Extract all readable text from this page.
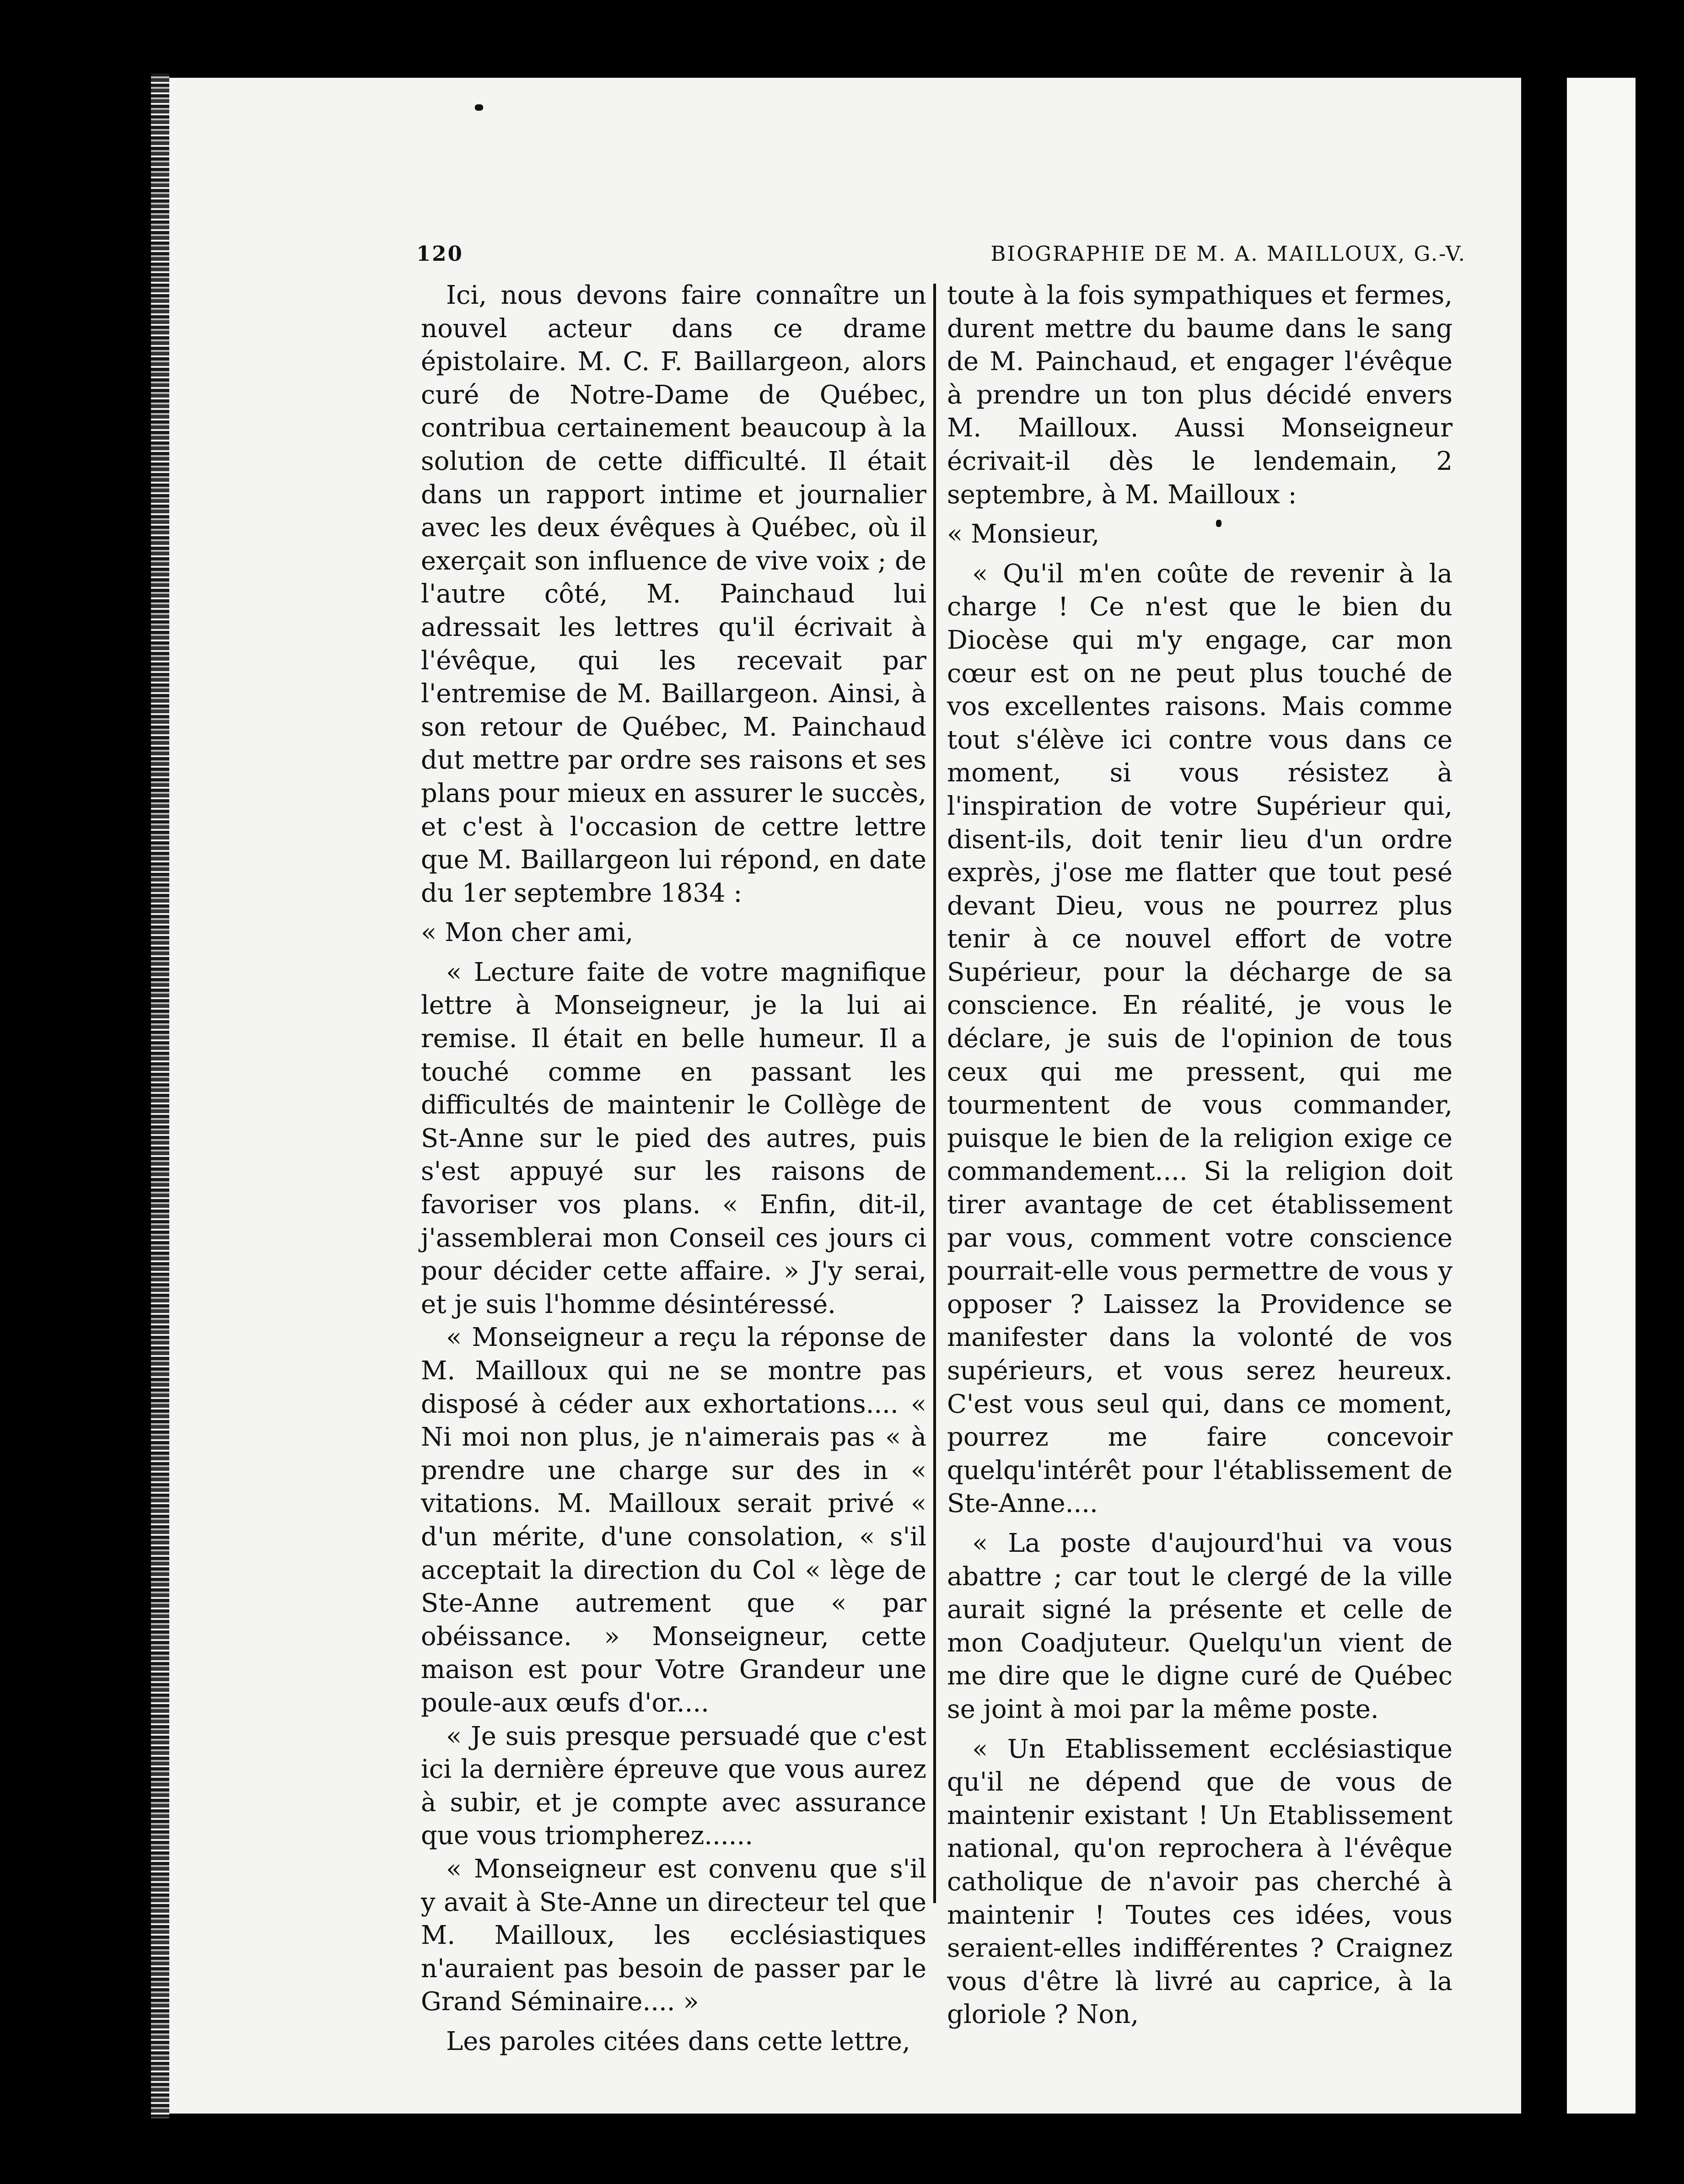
120	BIOGRAPHIE DE M. A. MAILLOUX, G.-V.

Ici, nous devons faire connaître un nouvel acteur dans ce drame épistolaire. M. C. F. Baillargeon, alors curé de Notre-Dame de Québec, contribua certainement beaucoup à la solution de cette difficulté. Il était dans un rapport intime et journalier avec les deux évêques à Québec, où il exerçait son influence de vive voix ; de l'autre côté, M. Painchaud lui adressait les lettres qu'il écrivait à l'évêque, qui les recevait par l'entremise de M. Baillargeon. Ainsi, à son retour de Québec, M. Painchaud dut mettre par ordre ses raisons et ses plans pour mieux en assurer le succès, et c'est à l'occasion de cettre lettre que M. Baillargeon lui répond, en date du 1er septembre 1834 :

« Mon cher ami,

« Lecture faite de votre magnifique lettre à Monseigneur, je la lui ai remise. Il était en belle humeur. Il a touché comme en passant les difficultés de maintenir le Collège de St-Anne sur le pied des autres, puis s'est appuyé sur les raisons de favoriser vos plans. « Enfin, dit-il, j'assemblerai mon Conseil ces jours ci pour décider cette affaire. » J'y serai, et je suis l'homme désintéressé.

« Monseigneur a reçu la réponse de M. Mailloux qui ne se montre pas disposé à céder aux exhortations.... « Ni moi non plus, je n'aimerais pas « à prendre une charge sur des in « vitations. M. Mailloux serait privé « d'un mérite, d'une consolation, « s'il acceptait la direction du Col « lège de Ste-Anne autrement que « par obéissance. » Monseigneur, cette maison est pour Votre Grandeur une poule-aux œufs d'or....

« Je suis presque persuadé que c'est ici la dernière épreuve que vous aurez à subir, et je compte avec assurance que vous triompherez......

« Monseigneur est convenu que s'il y avait à Ste-Anne un directeur tel que M. Mailloux, les ecclésiastiques n'auraient pas besoin de passer par le Grand Séminaire.... »

Les paroles citées dans cette lettre,

toute à la fois sympathiques et fermes, durent mettre du baume dans le sang de M. Painchaud, et engager l'évêque à prendre un ton plus décidé envers M. Mailloux. Aussi Monseigneur écrivait-il dès le lendemain, 2 septembre, à M. Mailloux :

« Monsieur,

« Qu'il m'en coûte de revenir à la charge ! Ce n'est que le bien du Diocèse qui m'y engage, car mon cœur est on ne peut plus touché de vos excellentes raisons. Mais comme tout s'élève ici contre vous dans ce moment, si vous résistez à l'inspiration de votre Supérieur qui, disent-ils, doit tenir lieu d'un ordre exprès, j'ose me flatter que tout pesé devant Dieu, vous ne pourrez plus tenir à ce nouvel effort de votre Supérieur, pour la décharge de sa conscience. En réalité, je vous le déclare, je suis de l'opinion de tous ceux qui me pressent, qui me tourmentent de vous commander, puisque le bien de la religion exige ce commandement.... Si la religion doit tirer avantage de cet établissement par vous, comment votre conscience pourrait-elle vous permettre de vous y opposer ? Laissez la Providence se manifester dans la volonté de vos supérieurs, et vous serez heureux. C'est vous seul qui, dans ce moment, pourrez me faire concevoir quelqu'intérêt pour l'établissement de Ste-Anne....

« La poste d'aujourd'hui va vous abattre ; car tout le clergé de la ville aurait signé la présente et celle de mon Coadjuteur. Quelqu'un vient de me dire que le digne curé de Québec se joint à moi par la même poste.

« Un Etablissement ecclésiastique qu'il ne dépend que de vous de maintenir existant ! Un Etablissement national, qu'on reprochera à l'évêque catholique de n'avoir pas cherché à maintenir ! Toutes ces idées, vous seraient-elles indifférentes ? Craignez vous d'être là livré au caprice, à la gloriole ? Non,
